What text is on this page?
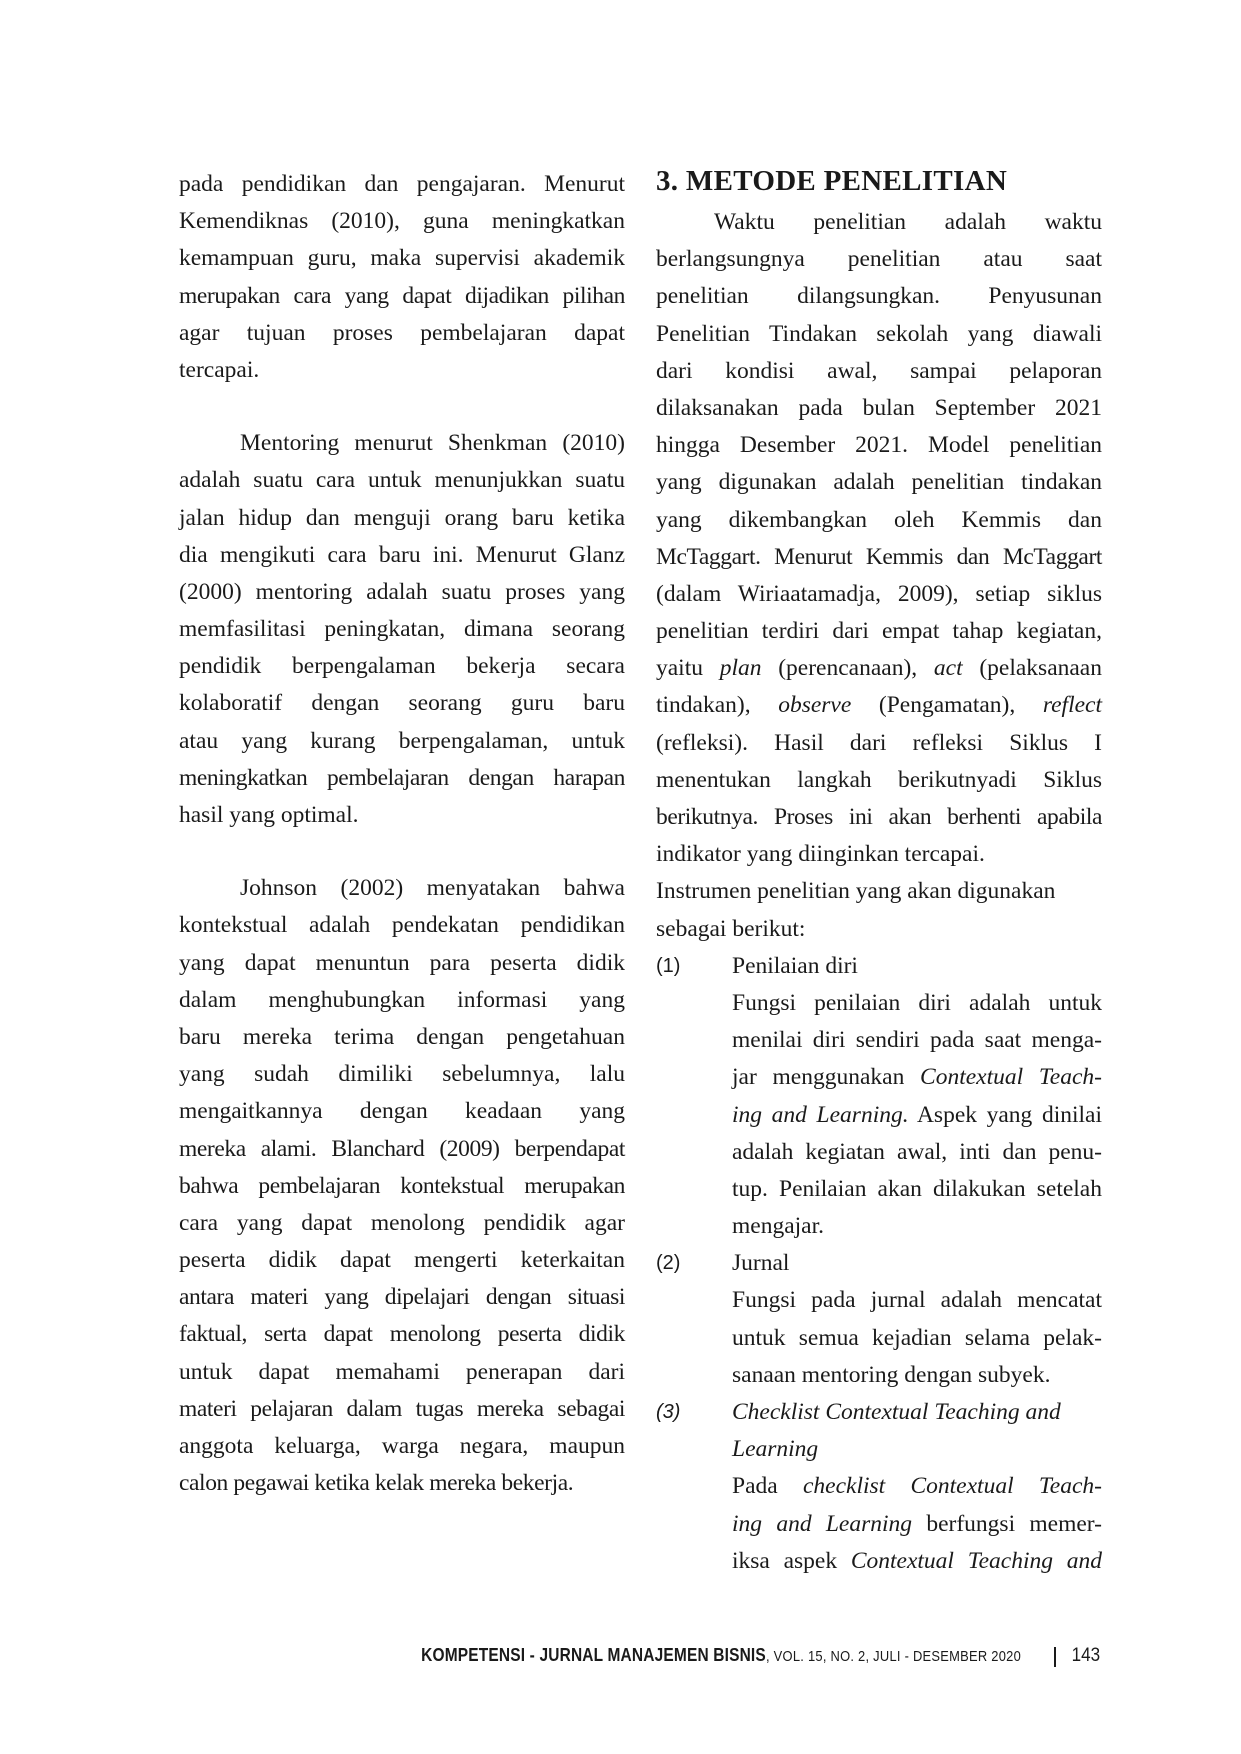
pada pendidikan dan pengajaran. Menurut
Kemendiknas (2010), guna meningkatkan
kemampuan guru, maka supervisi akademik
merupakan cara yang dapat dijadikan pilihan
agar tujuan proses pembelajaran dapat
tercapai.
Mentoring menurut Shenkman (2010)
adalah suatu cara untuk menunjukkan suatu
jalan hidup dan menguji orang baru ketika
dia mengikuti cara baru ini. Menurut Glanz
(2000) mentoring adalah suatu proses yang
memfasilitasi peningkatan, dimana seorang
pendidik berpengalaman bekerja secara
kolaboratif dengan seorang guru baru
atau yang kurang berpengalaman, untuk
meningkatkan pembelajaran dengan harapan
hasil yang optimal.
Johnson (2002) menyatakan bahwa
kontekstual adalah pendekatan pendidikan
yang dapat menuntun para peserta didik
dalam menghubungkan informasi yang
baru mereka terima dengan pengetahuan
yang sudah dimiliki sebelumnya, lalu
mengaitkannya dengan keadaan yang
mereka alami. Blanchard (2009) berpendapat
bahwa pembelajaran kontekstual merupakan
cara yang dapat menolong pendidik agar
peserta didik dapat mengerti keterkaitan
antara materi yang dipelajari dengan situasi
faktual, serta dapat menolong peserta didik
untuk dapat memahami penerapan dari
materi pelajaran dalam tugas mereka sebagai
anggota keluarga, warga negara, maupun
calon pegawai ketika kelak mereka bekerja.
3. METODE PENELITIAN
Waktu penelitian adalah waktu
berlangsungnya penelitian atau saat
penelitian dilangsungkan. Penyusunan
Penelitian Tindakan sekolah yang diawali
dari kondisi awal, sampai pelaporan
dilaksanakan pada bulan September 2021
hingga Desember 2021. Model penelitian
yang digunakan adalah penelitian tindakan
yang dikembangkan oleh Kemmis dan
McTaggart. Menurut Kemmis dan McTaggart
(dalam Wiriaatamadja, 2009), setiap siklus
penelitian terdiri dari empat tahap kegiatan,
yaitu plan (perencanaan), act (pelaksanaan
tindakan), observe (Pengamatan), reflect
(refleksi). Hasil dari refleksi Siklus I
menentukan langkah berikutnyadi Siklus
berikutnya. Proses ini akan berhenti apabila
indikator yang diinginkan tercapai.
Instrumen penelitian yang akan digunakan
sebagai berikut:
(1) Penilaian diri
Fungsi penilaian diri adalah untuk
menilai diri sendiri pada saat menga-
jar menggunakan Contextual Teach-
ing and Learning. Aspek yang dinilai
adalah kegiatan awal, inti dan penu-
tup. Penilaian akan dilakukan setelah
mengajar.
(2) Jurnal
Fungsi pada jurnal adalah mencatat
untuk semua kejadian selama pelak-
sanaan mentoring dengan subyek.
(3) Checklist Contextual Teaching and
Learning
Pada checklist Contextual Teach-
ing and Learning berfungsi memer-
iksa aspek Contextual Teaching and
KOMPETENSI - JURNAL MANAJEMEN BISNIS, VOL. 15, NO. 2, JULI - DESEMBER 2020	143
